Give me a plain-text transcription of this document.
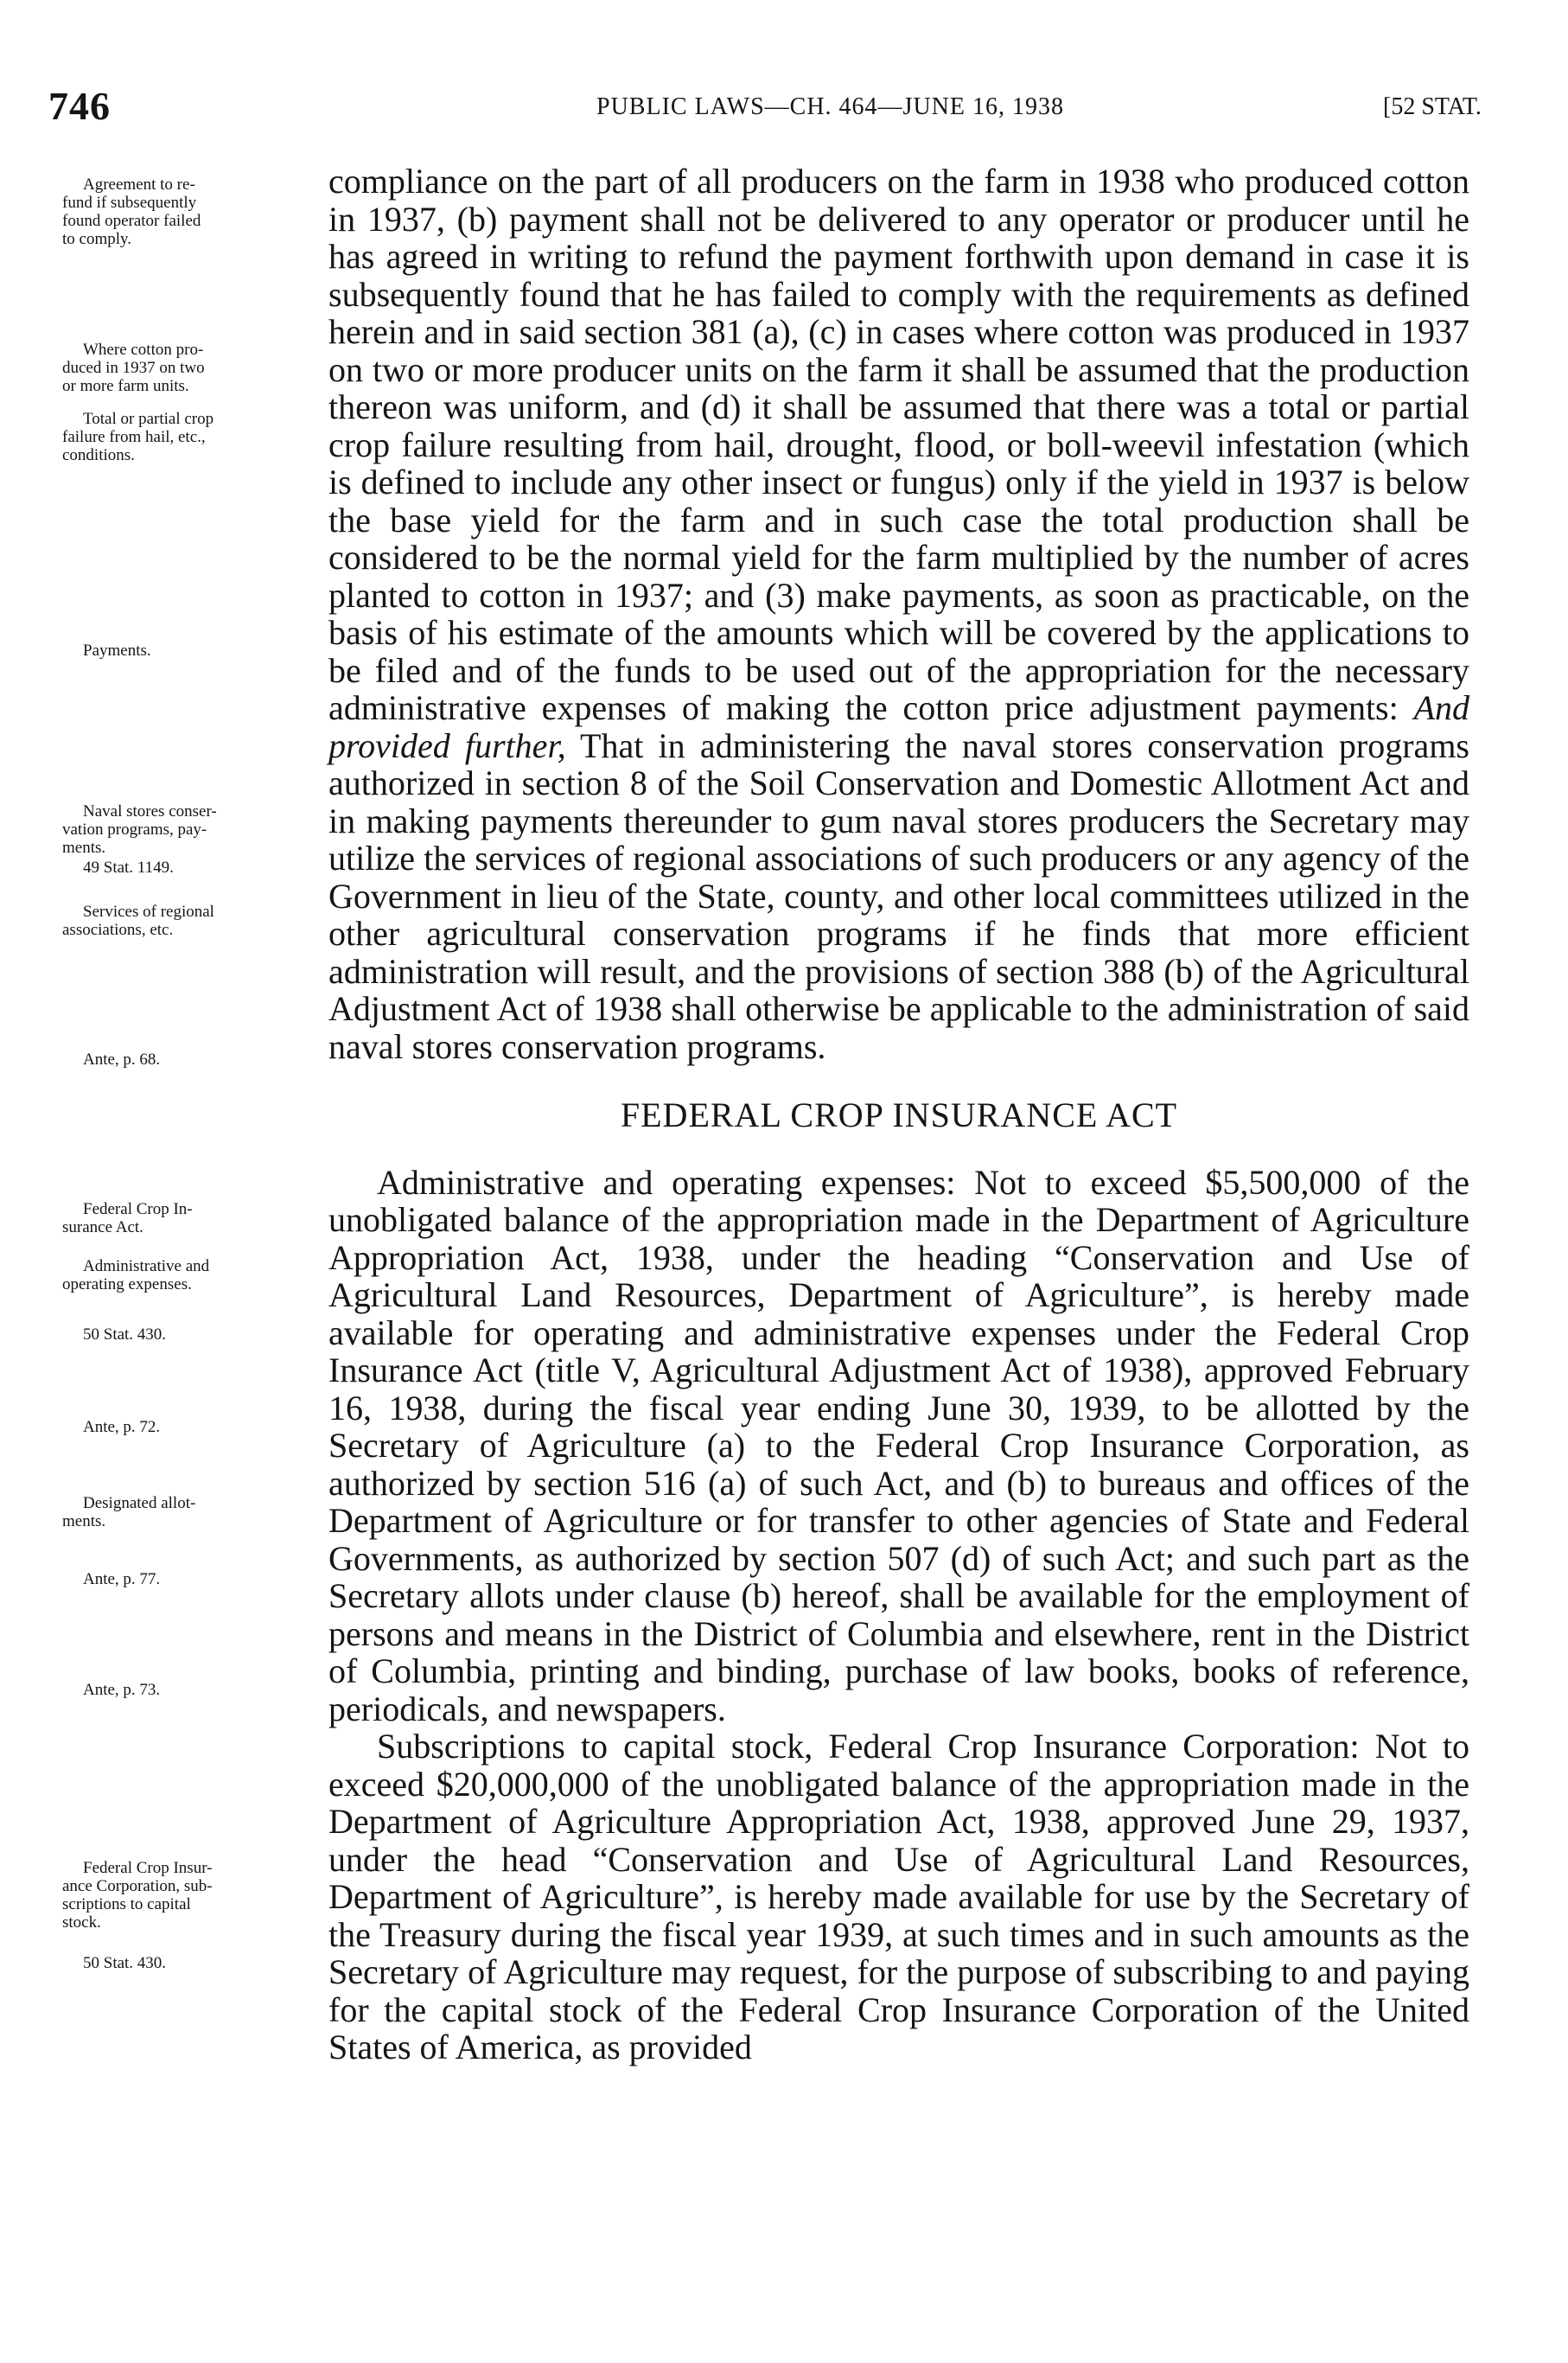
746	PUBLIC LAWS—CH. 464—JUNE 16, 1938	[52 STAT.
Agreement to re-
fund if subsequently
found operator failed
to comply.
Where cotton pro-
duced in 1937 on two
or more farm units.
Total or partial crop
failure from hail, etc.,
conditions.
Payments.
Naval stores conser-
vation programs, pay-
ments.
49 Stat. 1149.
Services of regional
associations, etc.
Ante, p. 68.
Federal Crop In-
surance Act.
Administrative and
operating expenses.
50 Stat. 430.
Ante, p. 72.
Designated allot-
ments.
Ante, p. 77.
Ante, p. 73.
Federal Crop Insur-
ance Corporation, sub-
scriptions to capital
stock.
50 Stat. 430.

compliance on the part of all producers on the farm in 1938 who produced cotton in 1937, (b) payment shall not be delivered to any operator or producer until he has agreed in writing to refund the payment forthwith upon demand in case it is subsequently found that he has failed to comply with the requirements as defined herein and in said section 381 (a), (c) in cases where cotton was produced in 1937 on two or more producer units on the farm it shall be assumed that the production thereon was uniform, and (d) it shall be assumed that there was a total or partial crop failure resulting from hail, drought, flood, or boll-weevil infestation (which is defined to include any other insect or fungus) only if the yield in 1937 is below the base yield for the farm and in such case the total production shall be considered to be the normal yield for the farm multiplied by the number of acres planted to cotton in 1937; and (3) make payments, as soon as practicable, on the basis of his estimate of the amounts which will be covered by the applications to be filed and of the funds to be used out of the appropriation for the necessary administrative expenses of making the cotton price adjustment payments: And provided further, That in administering the naval stores conservation programs authorized in section 8 of the Soil Conservation and Domestic Allotment Act and in making payments thereunder to gum naval stores producers the Secretary may utilize the services of regional associations of such producers or any agency of the Government in lieu of the State, county, and other local committees utilized in the other agricultural conservation programs if he finds that more efficient administration will result, and the provisions of section 388 (b) of the Agricultural Adjustment Act of 1938 shall otherwise be applicable to the administration of said naval stores conservation programs.

FEDERAL CROP INSURANCE ACT

Administrative and operating expenses: Not to exceed $5,500,000 of the unobligated balance of the appropriation made in the Department of Agriculture Appropriation Act, 1938, under the heading “Conservation and Use of Agricultural Land Resources, Department of Agriculture”, is hereby made available for operating and administrative expenses under the Federal Crop Insurance Act (title V, Agricultural Adjustment Act of 1938), approved February 16, 1938, during the fiscal year ending June 30, 1939, to be allotted by the Secretary of Agriculture (a) to the Federal Crop Insurance Corporation, as authorized by section 516 (a) of such Act, and (b) to bureaus and offices of the Department of Agriculture or for transfer to other agencies of State and Federal Governments, as authorized by section 507 (d) of such Act; and such part as the Secretary allots under clause (b) hereof, shall be available for the employment of persons and means in the District of Columbia and elsewhere, rent in the District of Columbia, printing and binding, purchase of law books, books of reference, periodicals, and newspapers.

Subscriptions to capital stock, Federal Crop Insurance Corporation: Not to exceed $20,000,000 of the unobligated balance of the appropriation made in the Department of Agriculture Appropriation Act, 1938, approved June 29, 1937, under the head “Conservation and Use of Agricultural Land Resources, Department of Agriculture”, is hereby made available for use by the Secretary of the Treasury during the fiscal year 1939, at such times and in such amounts as the Secretary of Agriculture may request, for the purpose of subscribing to and paying for the capital stock of the Federal Crop Insurance Corporation of the United States of America, as provided
